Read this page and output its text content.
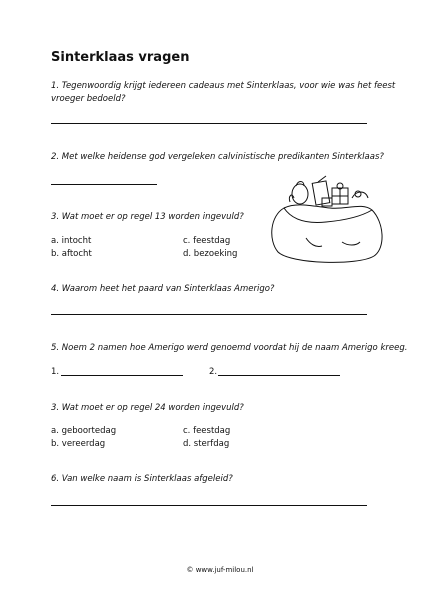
Sinterklaas vragen
1. Tegenwoordig krijgt iedereen cadeaus met Sinterklaas, voor wie was het feest
vroeger bedoeld?
2. Met welke heidense god vergeleken calvinistische predikanten Sinterklaas?
3. Wat moet er op regel 13 worden ingevuld?
a. intocht
b. aftocht
c. feestdag
d. bezoeking
4. Waarom heet het paard van Sinterklaas Amerigo?
5. Noem 2 namen hoe Amerigo werd genoemd voordat hij de naam Amerigo kreeg.
1.	2.
3. Wat moet er op regel 24 worden ingevuld?
a. geboortedag
b. vereerdag
c. feestdag
d. sterfdag
6. Van welke naam is Sinterklaas afgeleid?
© www.juf-milou.nl
